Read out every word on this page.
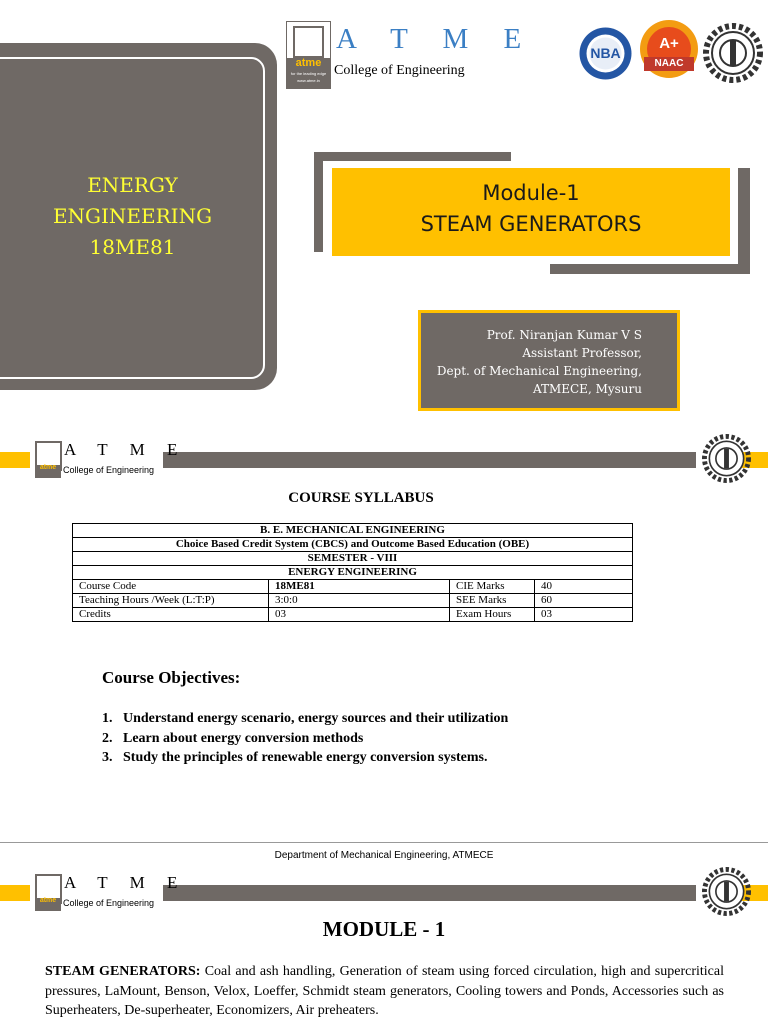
ENERGY
ENGINEERING
18ME81
atme
for the leading edge
www.atme.in
A T M E
College of Engineering
NBA
A+
NAAC
Module-1
STEAM GENERATORS
Prof. Niranjan Kumar V S
Assistant Professor,
Dept. of Mechanical Engineering,
ATMECE, Mysuru
atme
A T M E
College of Engineering
COURSE SYLLABUS
B. E. MECHANICAL ENGINEERING			
Choice Based Credit System (CBCS) and Outcome Based Education (OBE)			
SEMESTER - VIII			
ENERGY ENGINEERING			
Course Code	18ME81	CIE Marks	40
Teaching Hours /Week (L:T:P)	3:0:0	SEE Marks	60
Credits	03	Exam Hours	03
Course Objectives:
1. Understand energy scenario, energy sources and their utilization
2. Learn about energy conversion methods
3. Study the principles of renewable energy conversion systems.
Department of Mechanical Engineering, ATMECE
atme
A T M E
College of Engineering
MODULE - 1
STEAM GENERATORS: Coal and ash handling, Generation of steam using forced circulation, high and supercritical pressures, LaMount, Benson, Velox, Loeffer, Schmidt steam generators, Cooling towers and Ponds, Accessories such as Superheaters, De-superheater, Economizers, Air preheaters.
